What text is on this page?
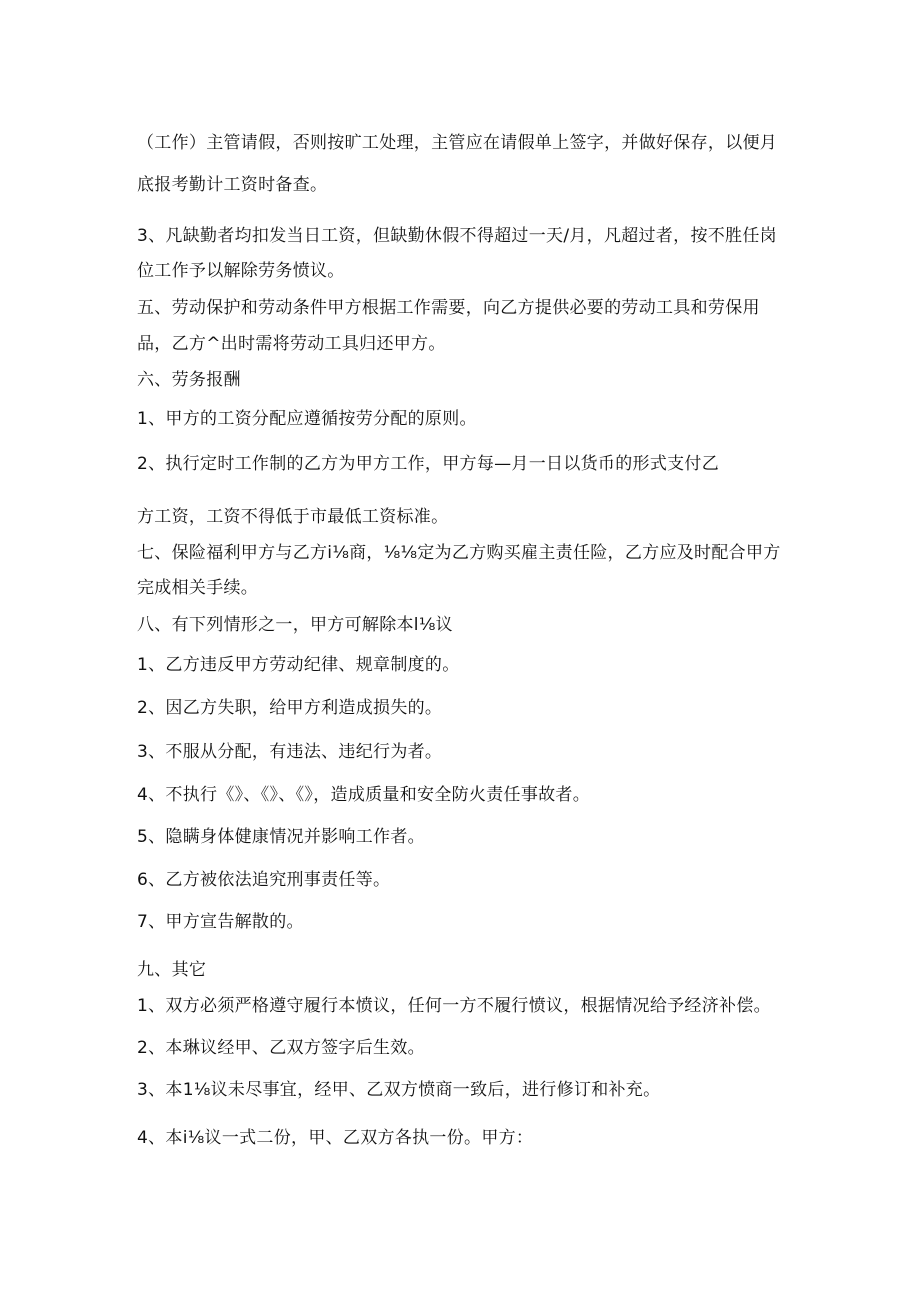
（工作）主管请假，否则按旷工处理，主管应在请假单上签字，并做好保存，以便月
底报考勤计工资时备查。
3、凡缺勤者均扣发当日工资，但缺勤休假不得超过一天/月，凡超过者，按不胜任岗
位工作予以解除劳务愤议。
五、劳动保护和劳动条件甲方根据工作需要，向乙方提供必要的劳动工具和劳保用
品，乙方^出时需将劳动工具归还甲方。
六、劳务报酬
1、甲方的工资分配应遵循按劳分配的原则。
2、执行定时工作制的乙方为甲方工作，甲方每—月一日以货币的形式支付乙
方工资，工资不得低于市最低工资标准。
七、保险福利甲方与乙方i⅛商，⅛⅛定为乙方购买雇主责任险，乙方应及时配合甲方
完成相关手续。
八、有下列情形之一，甲方可解除本l⅛议
1、乙方违反甲方劳动纪律、规章制度的。
2、因乙方失职，给甲方利造成损失的。
3、不服从分配，有违法、违纪行为者。
4、不执行《》、《》、《》，造成质量和安全防火责任事故者。
5、隐瞒身体健康情况并影响工作者。
6、乙方被依法追究刑事责任等。
7、甲方宣告解散的。
九、其它
1、双方必须严格遵守履行本愤议，任何一方不履行愤议，根据情况给予经济补偿。
2、本琳议经甲、乙双方签字后生效。
3、本1⅛议未尽事宜，经甲、乙双方愤商一致后，进行修订和补充。
4、本i⅛议一式二份，甲、乙双方各执一份。甲方：
